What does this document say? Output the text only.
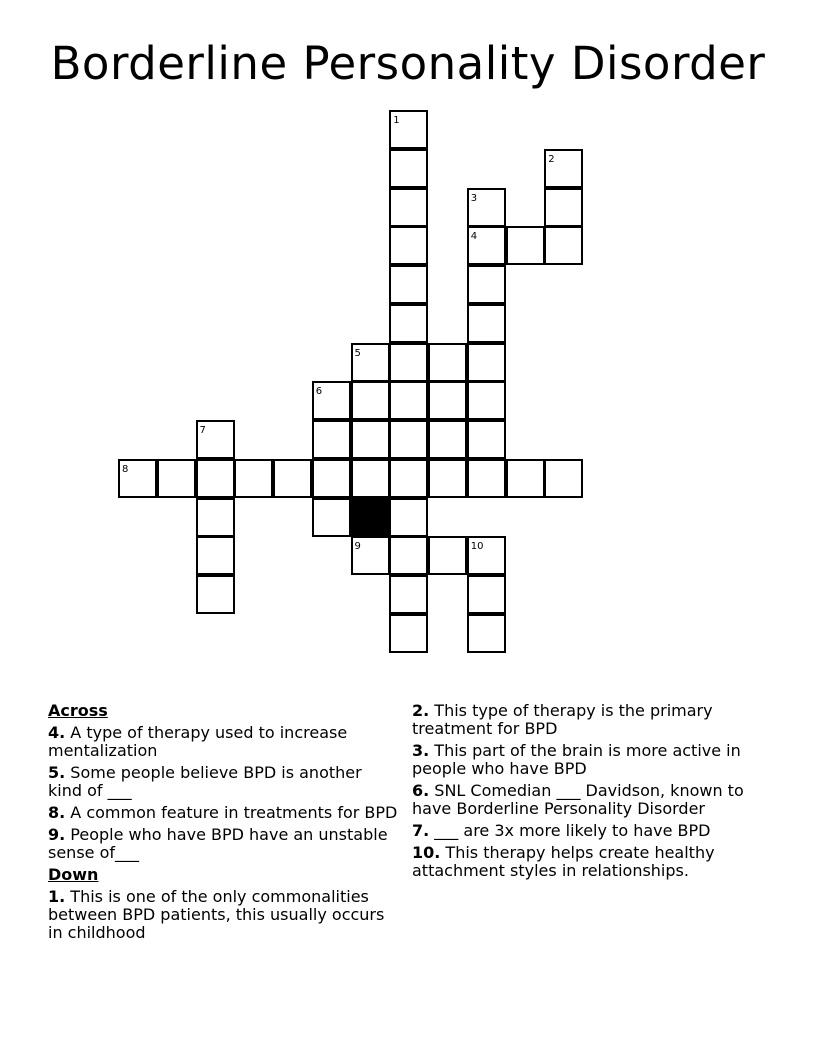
Borderline Personality Disorder
1
2
3
4
5
6
7
8
9	10
Across
4. A type of therapy used to increase mentalization
5. Some people believe BPD is another kind of ___
8. A common feature in treatments for BPD
9. People who have BPD have an unstable sense of___
Down
1. This is one of the only commonalities between BPD patients, this usually occurs in childhood
2. This type of therapy is the primary treatment for BPD
3. This part of the brain is more active in people who have BPD
6. SNL Comedian ___ Davidson, known to have Borderline Personality Disorder
7. ___ are 3x more likely to have BPD
10. This therapy helps create healthy attachment styles in relationships.
